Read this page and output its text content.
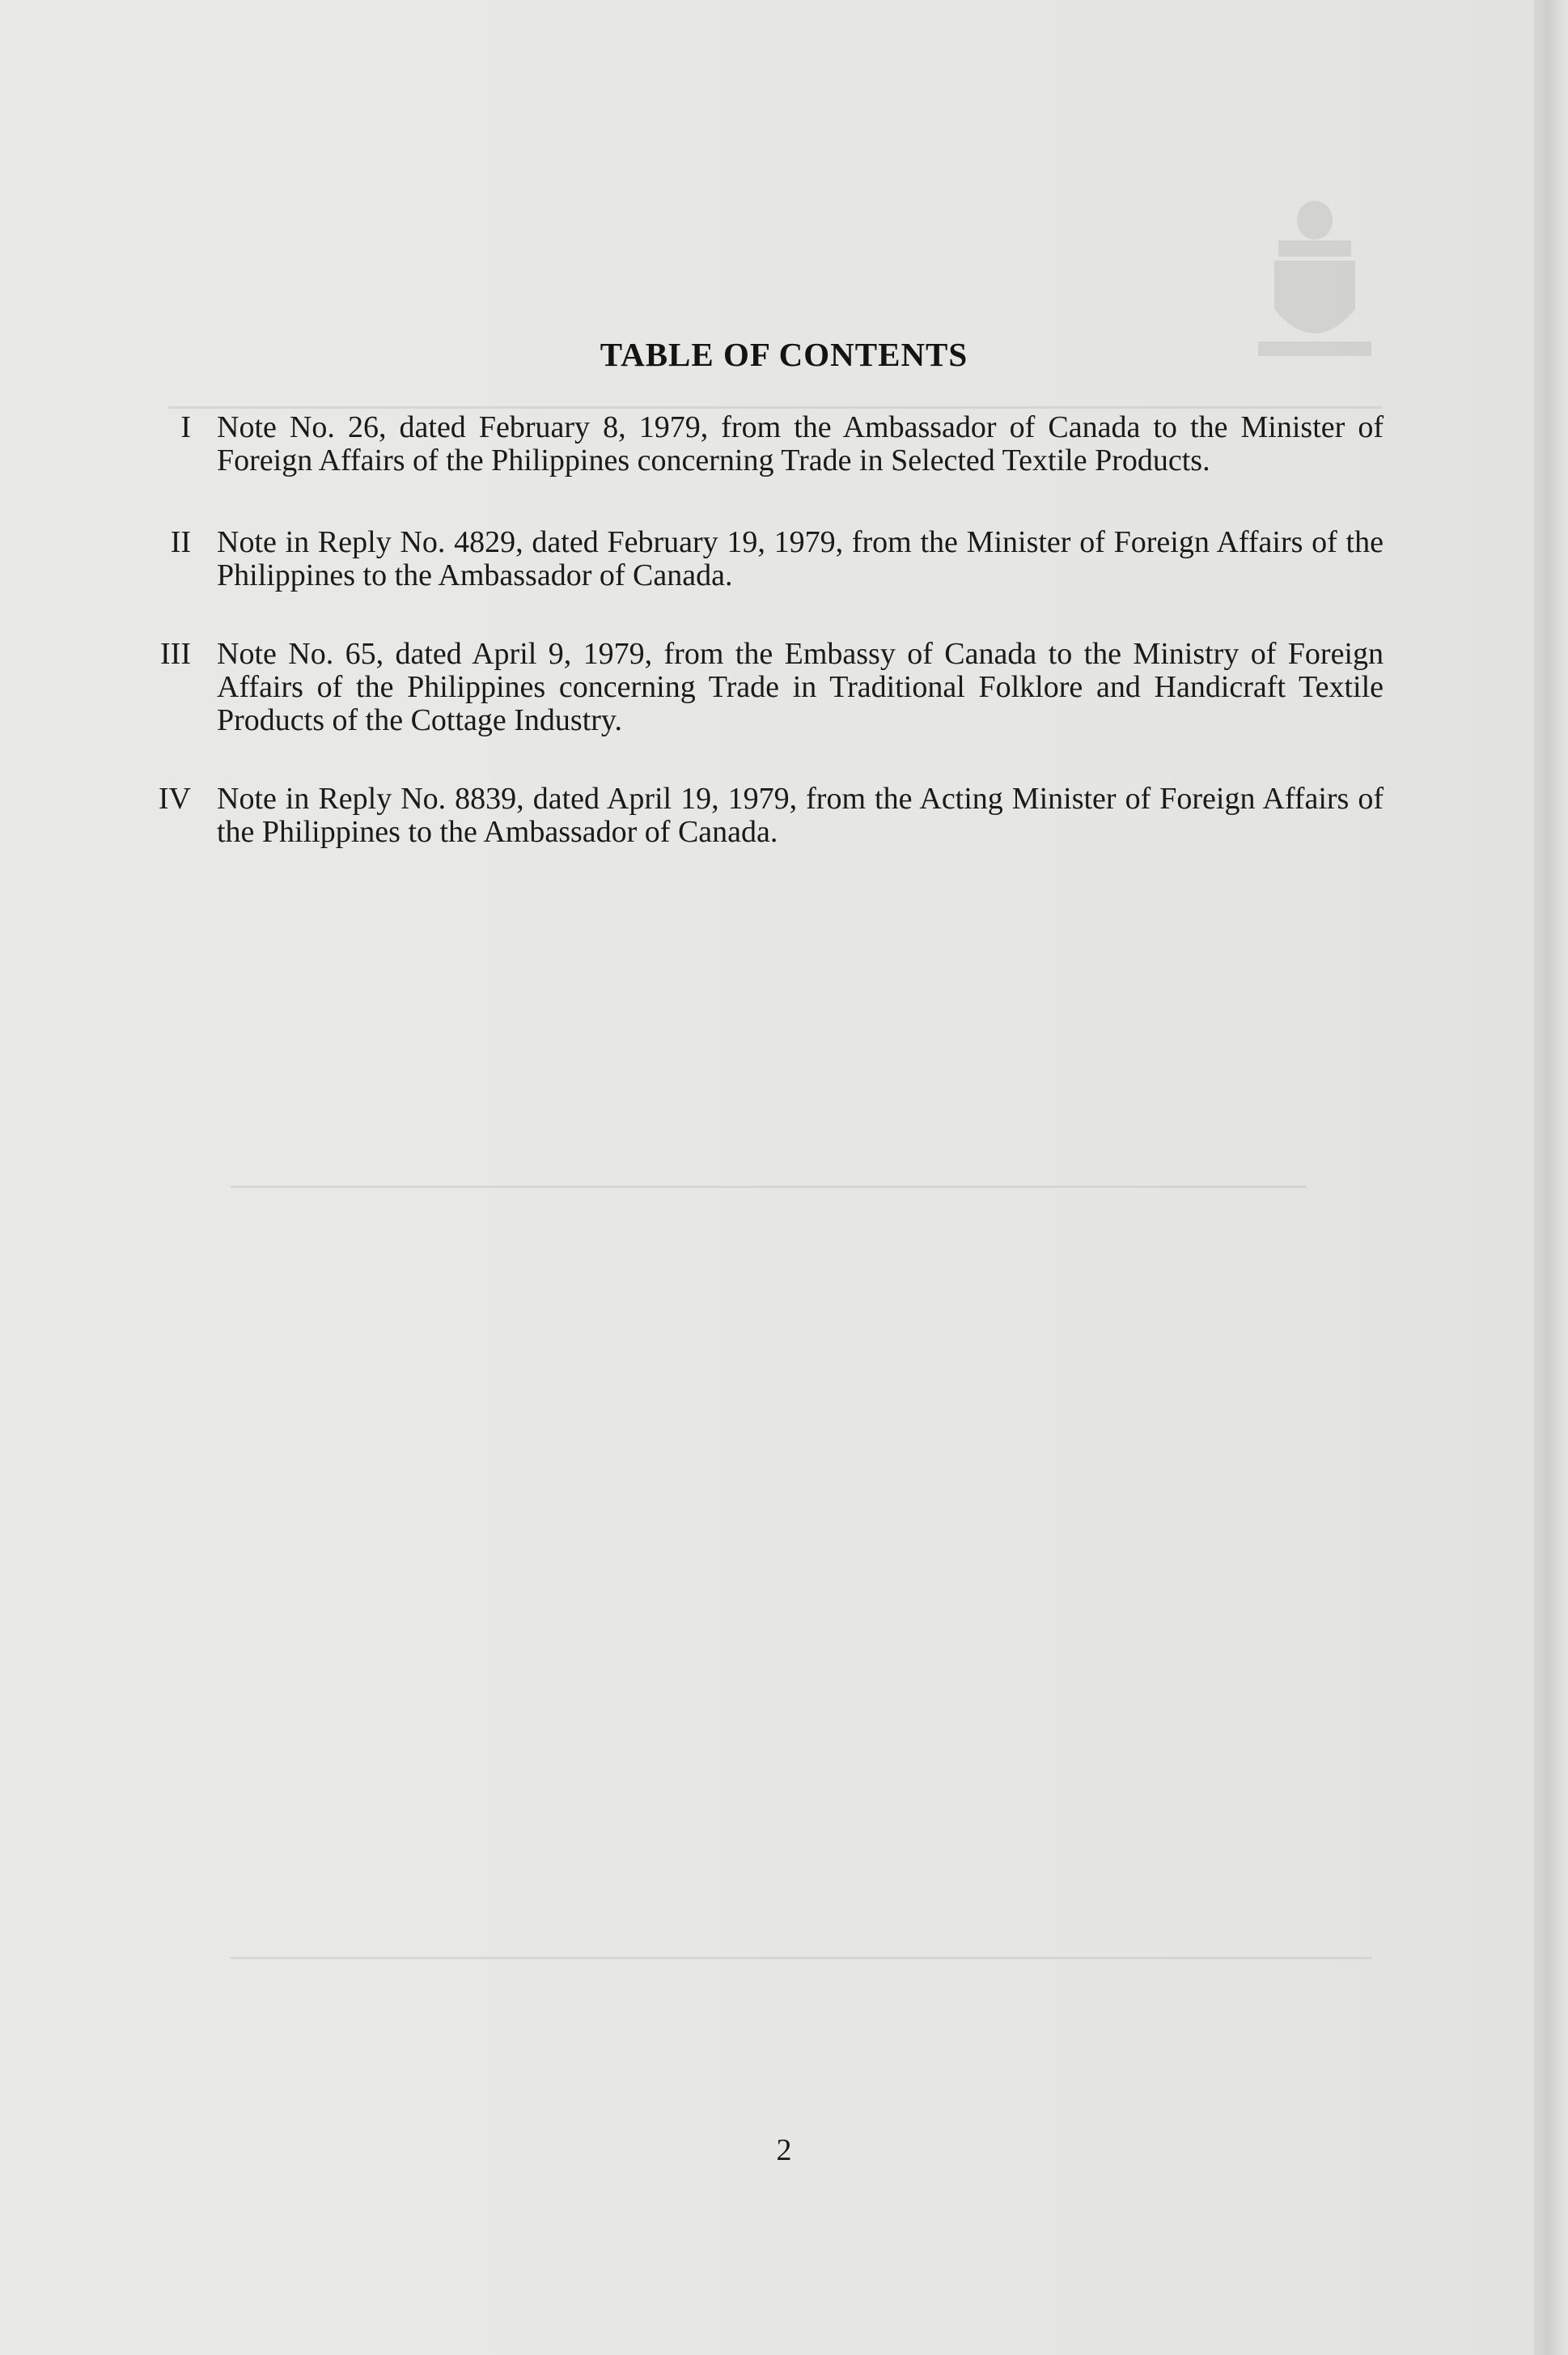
TABLE OF CONTENTS
I Note No. 26, dated February 8, 1979, from the Ambassador of Canada to the Minister of Foreign Affairs of the Philippines concerning Trade in Selected Textile Products.
II Note in Reply No. 4829, dated February 19, 1979, from the Minister of Foreign Affairs of the Philippines to the Ambassador of Canada.
III Note No. 65, dated April 9, 1979, from the Embassy of Canada to the Ministry of Foreign Affairs of the Philippines concerning Trade in Traditional Folklore and Handicraft Textile Products of the Cottage Industry.
IV Note in Reply No. 8839, dated April 19, 1979, from the Acting Minister of Foreign Affairs of the Philippines to the Ambassador of Canada.
2
